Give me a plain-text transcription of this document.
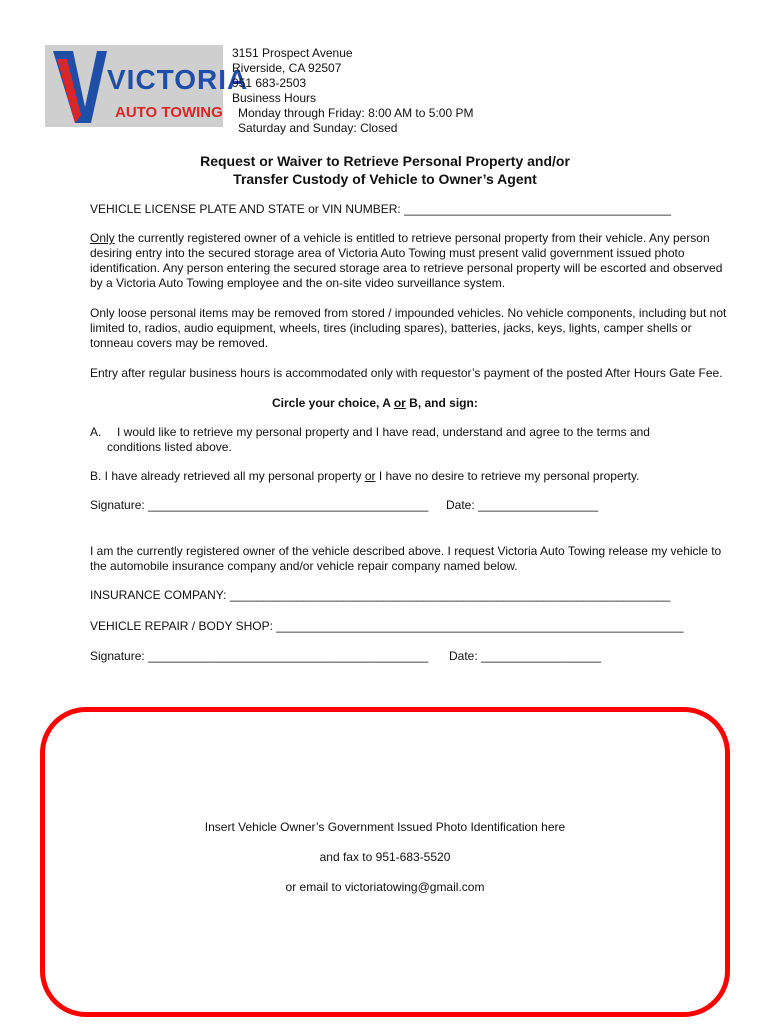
VICTORIA
AUTO TOWING
3151 Prospect Avenue
Riverside, CA 92507
951 683-2503
Business Hours
Monday through Friday: 8:00 AM to 5:00 PM
Saturday and Sunday: Closed
Request or Waiver to Retrieve Personal Property and/or
Transfer Custody of Vehicle to Owner’s Agent
VEHICLE LICENSE PLATE AND STATE or VIN NUMBER: ________________________________________
Only the currently registered owner of a vehicle is entitled to retrieve personal property from their vehicle. Any person desiring entry into the secured storage area of Victoria Auto Towing must present valid government issued photo identification. Any person entering the secured storage area to retrieve personal property will be escorted and observed by a Victoria Auto Towing employee and the on-site video surveillance system.
Only loose personal items may be removed from stored / impounded vehicles. No vehicle components, including but not limited to, radios, audio equipment, wheels, tires (including spares), batteries, jacks, keys, lights, camper shells or tonneau covers may be removed.
Entry after regular business hours is accommodated only with requestor’s payment of the posted After Hours Gate Fee.
Circle your choice, A or B, and sign:
A. I would like to retrieve my personal property and I have read, understand and agree to the terms and
conditions listed above.
B. I have already retrieved all my personal property or I have no desire to retrieve my personal property.
Signature: __________________________________________ Date: __________________
I am the currently registered owner of the vehicle described above. I request Victoria Auto Towing release my vehicle to the automobile insurance company and/or vehicle repair company named below.
INSURANCE COMPANY: __________________________________________________________________
VEHICLE REPAIR / BODY SHOP: _____________________________________________________________
Signature: __________________________________________ Date: __________________
Insert Vehicle Owner’s Government Issued Photo Identification here
and fax to 951-683-5520
or email to victoriatowing@gmail.com
